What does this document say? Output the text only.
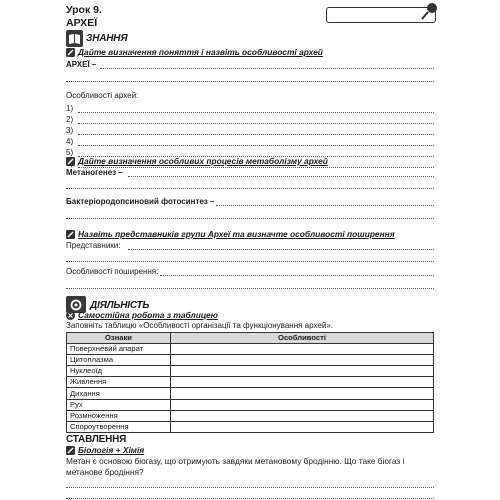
Урок 9.
АРХЕЇ
ЗНАННЯ
Дайте визначення поняття і назвіть особливості архей
АРХЕЇ –
Особливості архей:
1)
2)
3)
4)
5)
Дайте визначення особливих процесів метаболізму архей
Метаногенез –
Бактеріородопсиновий фотосинтез –
Назвіть представників групи Археї та визначте особливості поширення
Представники:
Особливості поширення:
ДІЯЛЬНІСТЬ
Самостійна робота з таблицею
Заповніть таблицю «Особливості організації та функціонування архей».
Ознаки	Особливості
Поверхневий апарат	
Цитоплазма	
Нуклеоїд	
Живлення	
Дихання	
Рух	
Розмноження	
Спороутворення	
СТАВЛЕННЯ
Біологія + Хімія
Метан є основою біогазу, що отримують завдяки метановому бродінню. Що таке біогаз і метанове бродіння?
